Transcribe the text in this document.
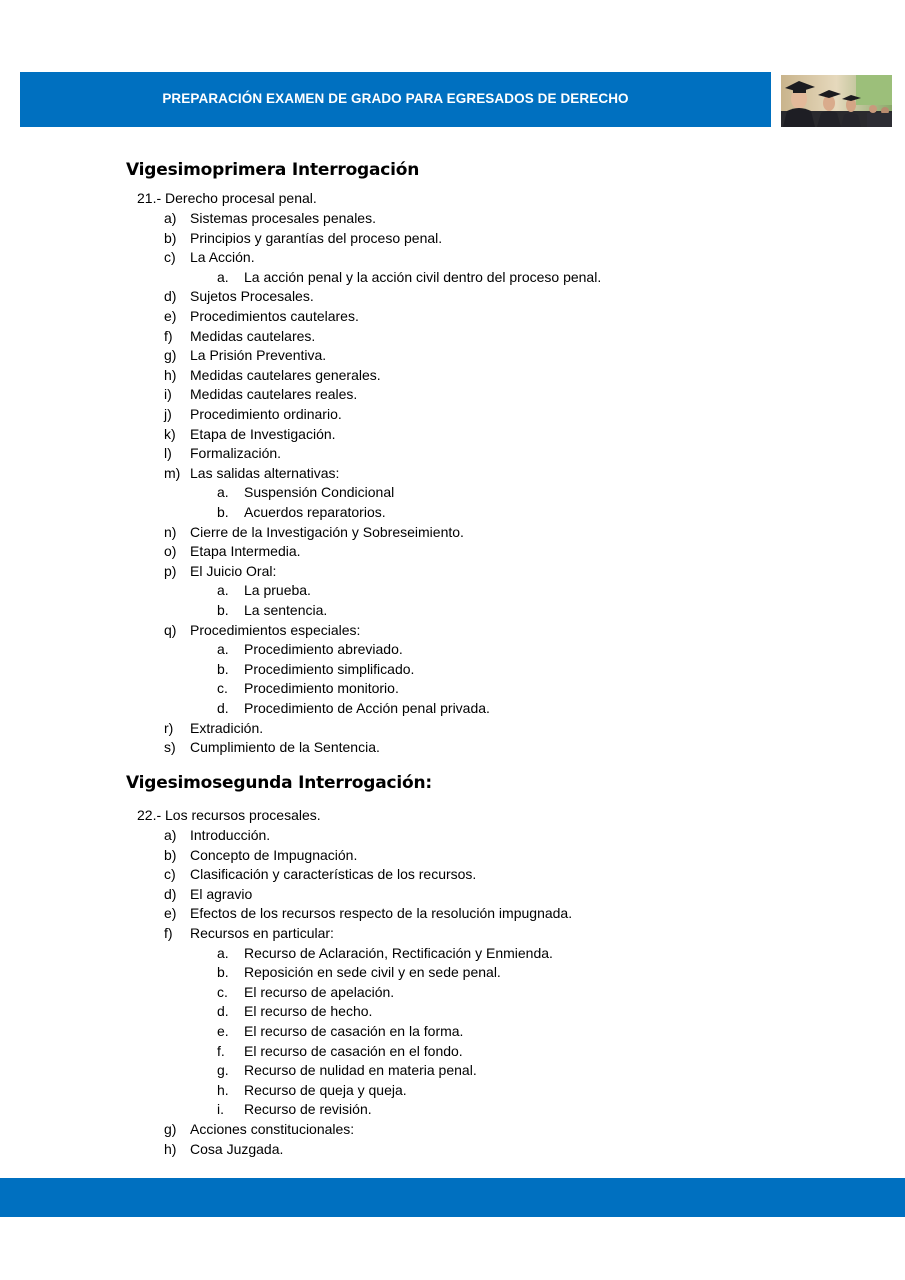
PREPARACIÓN EXAMEN DE GRADO PARA EGRESADOS DE DERECHO
Vigesimoprimera Interrogación
21.- Derecho procesal penal.
a) Sistemas procesales penales.
b) Principios y garantías del proceso penal.
c) La Acción.
a. La acción penal y la acción civil dentro del proceso penal.
d) Sujetos Procesales.
e) Procedimientos cautelares.
f) Medidas cautelares.
g) La Prisión Preventiva.
h) Medidas cautelares generales.
i) Medidas cautelares reales.
j) Procedimiento ordinario.
k) Etapa de Investigación.
l) Formalización.
m) Las salidas alternativas:
a. Suspensión Condicional
b. Acuerdos reparatorios.
n) Cierre de la Investigación y Sobreseimiento.
o) Etapa Intermedia.
p) El Juicio Oral:
a. La prueba.
b. La sentencia.
q) Procedimientos especiales:
a. Procedimiento abreviado.
b. Procedimiento simplificado.
c. Procedimiento monitorio.
d. Procedimiento de Acción penal privada.
r) Extradición.
s) Cumplimiento de la Sentencia.
Vigesimosegunda Interrogación:
22.- Los recursos procesales.
a) Introducción.
b) Concepto de Impugnación.
c) Clasificación y características de los recursos.
d) El agravio
e) Efectos de los recursos respecto de la resolución impugnada.
f) Recursos en particular:
a. Recurso de Aclaración, Rectificación y Enmienda.
b. Reposición en sede civil y en sede penal.
c. El recurso de apelación.
d. El recurso de hecho.
e. El recurso de casación en la forma.
f. El recurso de casación en el fondo.
g. Recurso de nulidad en materia penal.
h. Recurso de queja y queja.
i. Recurso de revisión.
g) Acciones constitucionales:
h) Cosa Juzgada.
